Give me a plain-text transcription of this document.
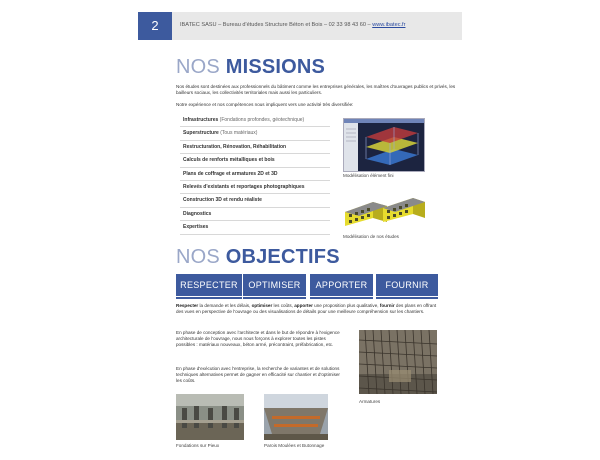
2	IBATEC SASU – Bureau d'études Structure Béton et Bois – 02 33 98 43 60 – www.ibatec.fr
NOS MISSIONS
Nos études sont destinées aux professionnels du bâtiment comme les entreprises générales, les maîtres d'ouvrages publics et privés, les bailleurs sociaux, les collectivités territoriales mais aussi les particuliers.
Notre expérience et nos compétences nous impliquent vers une activité très diversifiée:
Infrastructures (Fondations profondes, géotechnique)
Superstructure (Tous matériaux)
Restructuration, Rénovation, Réhabilitation
Calculs de renforts métalliques et bois
Plans de coffrage et armatures 2D et 3D
Relevés d'existants et reportages photographiques
Construction 3D et rendu réaliste
Diagnostics
Expertises
Modélisation élément fini
Modélisation de nos études
NOS OBJECTIFS
RESPECTER	OPTIMISER	APPORTER	FOURNIR
Respecter la demande et les délais, optimiser les coûts, apporter une proposition plus qualitative, fournir des plans en offrant des vues en perspective de l'ouvrage ou des visualisations de détails pour une meilleure compréhension sur les chantiers.
En phase de conception avec l'architecte et dans le but de répondre à l'exigence architecturale de l'ouvrage, nous nous forçons à explorer toutes les pistes possibles : matériaux nouveaux, béton armé, précontraint, préfabrication, etc.
En phase d'exécution avec l'entreprise, la recherche de variantes et de solutions techniques alternatives permet de gagner en efficacité sur chantier et d'optimiser les coûts.
Armatures
Fondations sur Pieux	Parois Moulées et Butonnage
